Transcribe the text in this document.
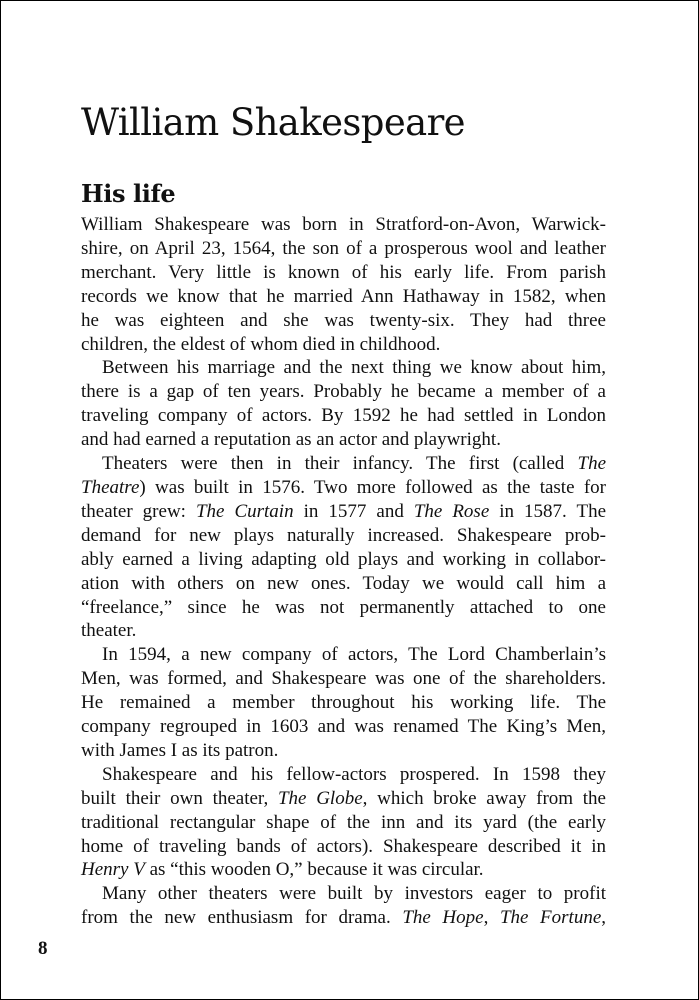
William Shakespeare
His life
William Shakespeare was born in Stratford-on-Avon, Warwick-
shire, on April 23, 1564, the son of a prosperous wool and leather
merchant. Very little is known of his early life. From parish
records we know that he married Ann Hathaway in 1582, when
he was eighteen and she was twenty-six. They had three
children, the eldest of whom died in childhood.
Between his marriage and the next thing we know about him,
there is a gap of ten years. Probably he became a member of a
traveling company of actors. By 1592 he had settled in London
and had earned a reputation as an actor and playwright.
Theaters were then in their infancy. The first (called The
Theatre) was built in 1576. Two more followed as the taste for
theater grew: The Curtain in 1577 and The Rose in 1587. The
demand for new plays naturally increased. Shakespeare prob-
ably earned a living adapting old plays and working in collabor-
ation with others on new ones. Today we would call him a
“freelance,” since he was not permanently attached to one
theater.
In 1594, a new company of actors, The Lord Chamberlain’s
Men, was formed, and Shakespeare was one of the shareholders.
He remained a member throughout his working life. The
company regrouped in 1603 and was renamed The King’s Men,
with James I as its patron.
Shakespeare and his fellow-actors prospered. In 1598 they
built their own theater, The Globe, which broke away from the
traditional rectangular shape of the inn and its yard (the early
home of traveling bands of actors). Shakespeare described it in
Henry V as “this wooden O,” because it was circular.
Many other theaters were built by investors eager to profit
from the new enthusiasm for drama. The Hope, The Fortune,
8
